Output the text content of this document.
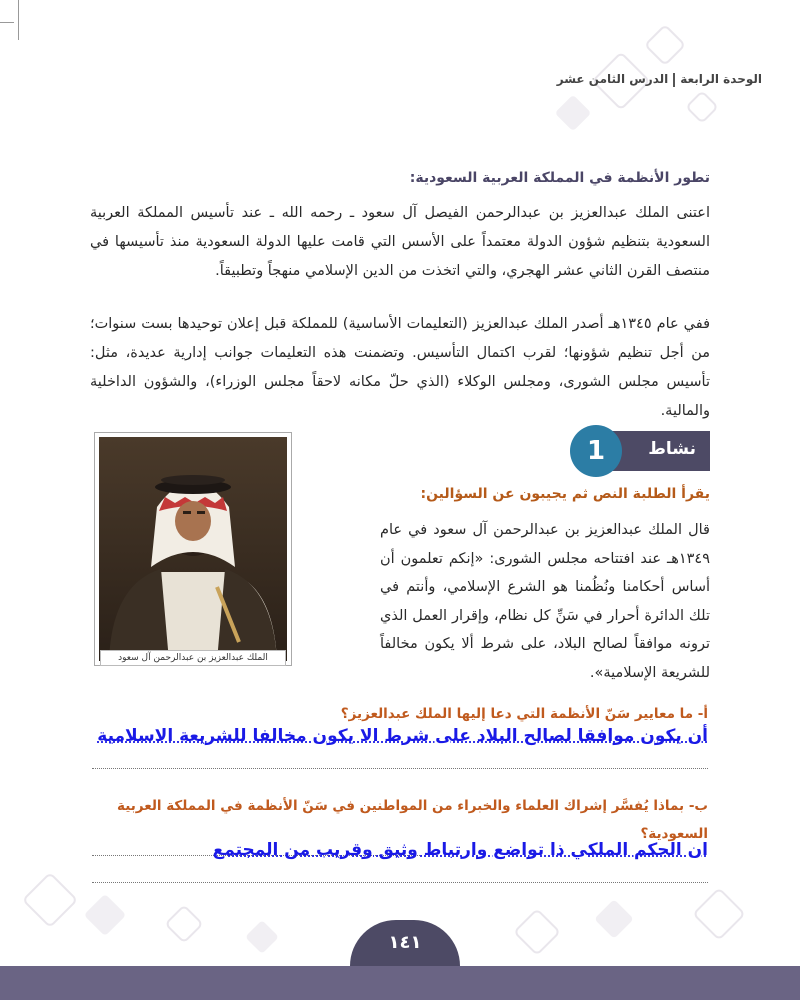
الوحدة الرابعةالدرس الثامن عشر
تطور الأنظمة في المملكة العربية السعودية:
اعتنى الملك عبدالعزيز بن عبدالرحمن الفيصل آل سعود ـ رحمه الله ـ عند تأسيس المملكة العربية السعودية بتنظيم شؤون الدولة معتمداً على الأسس التي قامت عليها الدولة السعودية منذ تأسيسها في منتصف القرن الثاني عشر الهجري، والتي اتخذت من الدين الإسلامي منهجاً وتطبيقاً.
ففي عام ١٣٤٥هـ أصدر الملك عبدالعزيز (التعليمات الأساسية) للمملكة قبل إعلان توحيدها بست سنوات؛ من أجل تنظيم شؤونها؛ لقرب اكتمال التأسيس. وتضمنت هذه التعليمات جوانب إدارية عديدة، مثل: تأسيس مجلس الشورى، ومجلس الوكلاء (الذي حلّ مكانه لاحقاً مجلس الوزراء)، والشؤون الداخلية والمالية.
نشاط
1
يقرأ الطلبة النص ثم يجيبون عن السؤالين:
قال الملك عبدالعزيز بن عبدالرحمن آل سعود في عام ١٣٤٩هـ عند افتتاحه مجلس الشورى: «إنكم تعلمون أن أساس أحكامنا ونُظُمنا هو الشرع الإسلامي، وأنتم في تلك الدائرة أحرار في سَنِّ كل نظام، وإقرار العمل الذي ترونه موافقاً لصالح البلاد، على شرط ألا يكون مخالفاً للشريعة الإسلامية».
الملك عبدالعزيز بن عبدالرحمن آل سعود
أ- ما معايير سَنّ الأنظمة التي دعا إليها الملك عبدالعزيز؟
أن يكون موافقا لصالح البلاد على شرط الا يكون مخالفا للشريعة الاسلامية
ب- بماذا يُفسَّر إشراك العلماء والخبراء من المواطنين في سَنّ الأنظمة في المملكة العربية السعودية؟
ان الحكم الملكي ذا تواضع وارتباط وثيق وقريب من المجتمع
١٤١
